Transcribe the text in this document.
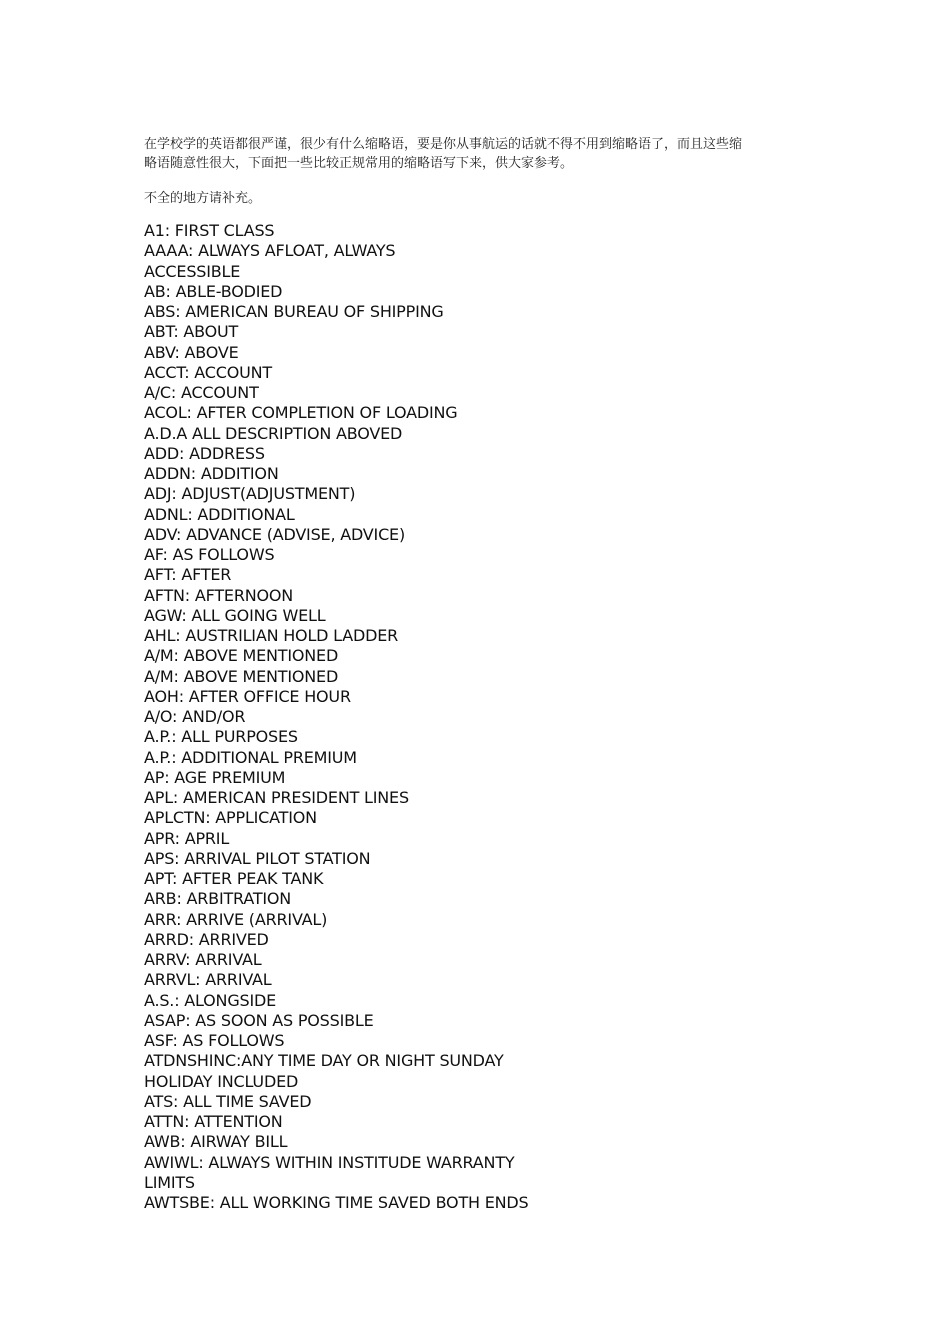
在学校学的英语都很严谨，很少有什么缩略语，要是你从事航运的话就不得不用到缩略语了，而且这些缩
略语随意性很大，下面把一些比较正规常用的缩略语写下来，供大家参考。

不全的地方请补充。

A1: FIRST CLASS
AAAA: ALWAYS AFLOAT, ALWAYS
ACCESSIBLE
AB: ABLE-BODIED
ABS: AMERICAN BUREAU OF SHIPPING
ABT: ABOUT
ABV: ABOVE
ACCT: ACCOUNT
A/C: ACCOUNT
ACOL: AFTER COMPLETION OF LOADING
A.D.A ALL DESCRIPTION ABOVED
ADD: ADDRESS
ADDN: ADDITION
ADJ: ADJUST(ADJUSTMENT)
ADNL: ADDITIONAL
ADV: ADVANCE (ADVISE, ADVICE)
AF: AS FOLLOWS
AFT: AFTER
AFTN: AFTERNOON
AGW: ALL GOING WELL
AHL: AUSTRILIAN HOLD LADDER
A/M: ABOVE MENTIONED
A/M: ABOVE MENTIONED
AOH: AFTER OFFICE HOUR
A/O: AND/OR
A.P.: ALL PURPOSES
A.P.: ADDITIONAL PREMIUM
AP: AGE PREMIUM
APL: AMERICAN PRESIDENT LINES
APLCTN: APPLICATION
APR: APRIL
APS: ARRIVAL PILOT STATION
APT: AFTER PEAK TANK
ARB: ARBITRATION
ARR: ARRIVE (ARRIVAL)
ARRD: ARRIVED
ARRV: ARRIVAL
ARRVL: ARRIVAL
A.S.: ALONGSIDE
ASAP: AS SOON AS POSSIBLE
ASF: AS FOLLOWS
ATDNSHINC:ANY TIME DAY OR NIGHT SUNDAY
HOLIDAY INCLUDED
ATS: ALL TIME SAVED
ATTN: ATTENTION
AWB: AIRWAY BILL
AWIWL: ALWAYS WITHIN INSTITUDE WARRANTY
LIMITS
AWTSBE: ALL WORKING TIME SAVED BOTH ENDS
